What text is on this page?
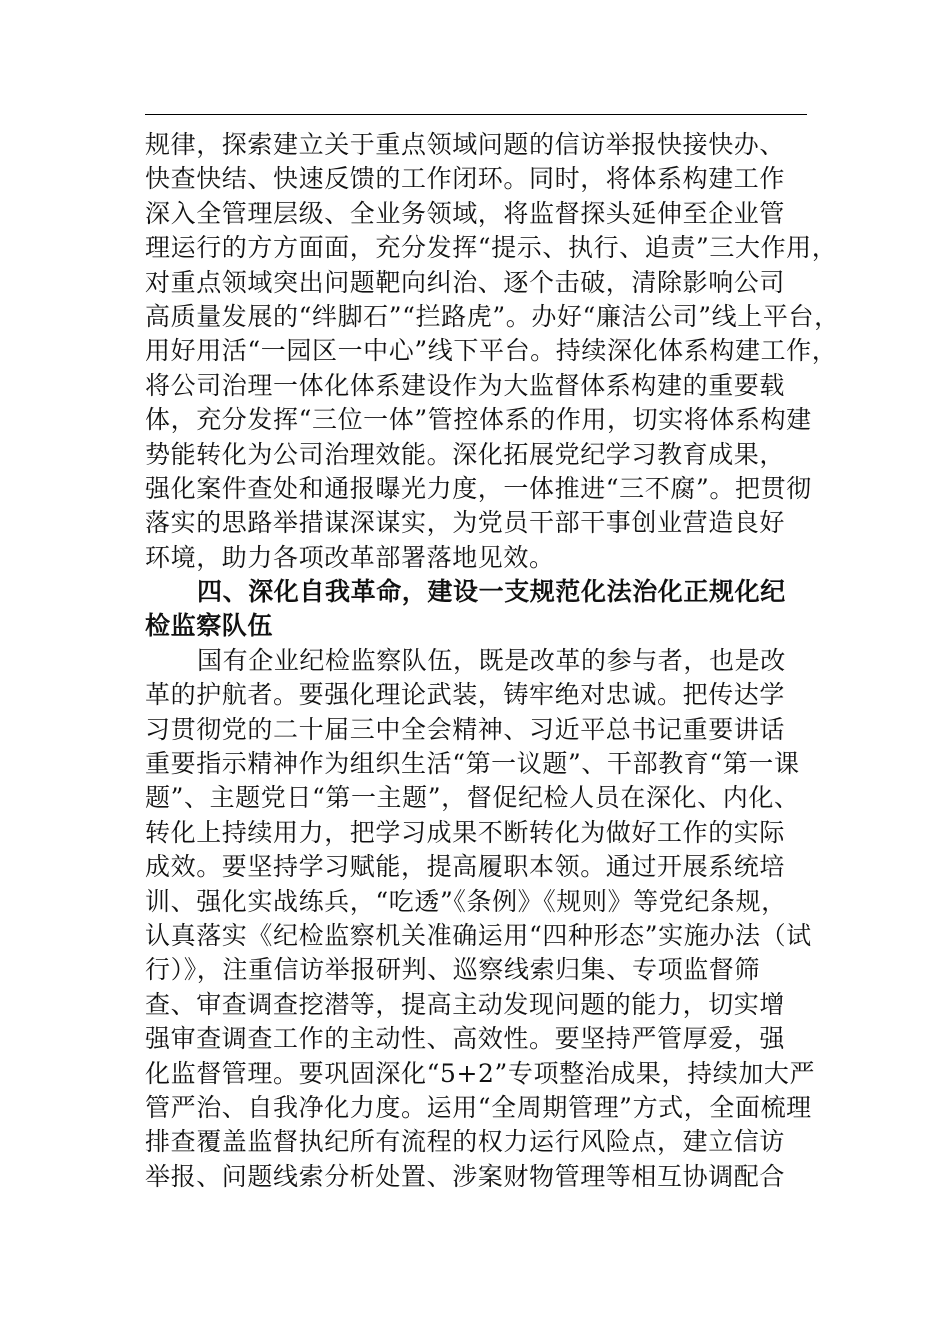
规律，探索建立关于重点领域问题的信访举报快接快办、
快查快结、快速反馈的工作闭环。同时，将体系构建工作
深入全管理层级、全业务领域，将监督探头延伸至企业管
理运行的方方面面，充分发挥“提示、执行、追责”三大作用，
对重点领域突出问题靶向纠治、逐个击破，清除影响公司
高质量发展的“绊脚石”“拦路虎”。办好“廉洁公司”线上平台，
用好用活“一园区一中心”线下平台。持续深化体系构建工作，
将公司治理一体化体系建设作为大监督体系构建的重要载
体，充分发挥“三位一体”管控体系的作用，切实将体系构建
势能转化为公司治理效能。深化拓展党纪学习教育成果，
强化案件查处和通报曝光力度，一体推进“三不腐”。把贯彻
落实的思路举措谋深谋实，为党员干部干事创业营造良好
环境，助力各项改革部署落地见效。
四、深化自我革命，建设一支规范化法治化正规化纪
检监察队伍
国有企业纪检监察队伍，既是改革的参与者，也是改
革的护航者。要强化理论武装，铸牢绝对忠诚。把传达学
习贯彻党的二十届三中全会精神、习近平总书记重要讲话
重要指示精神作为组织生活“第一议题”、干部教育“第一课
题”、主题党日“第一主题”，督促纪检人员在深化、内化、
转化上持续用力，把学习成果不断转化为做好工作的实际
成效。要坚持学习赋能，提高履职本领。通过开展系统培
训、强化实战练兵，“吃透”《条例》《规则》等党纪条规，
认真落实《纪检监察机关准确运用“四种形态”实施办法（试
行）》，注重信访举报研判、巡察线索归集、专项监督筛
查、审查调查挖潜等，提高主动发现问题的能力，切实增
强审查调查工作的主动性、高效性。要坚持严管厚爱，强
化监督管理。要巩固深化“5+2”专项整治成果，持续加大严
管严治、自我净化力度。运用“全周期管理”方式，全面梳理
排查覆盖监督执纪所有流程的权力运行风险点，建立信访
举报、问题线索分析处置、涉案财物管理等相互协调配合
